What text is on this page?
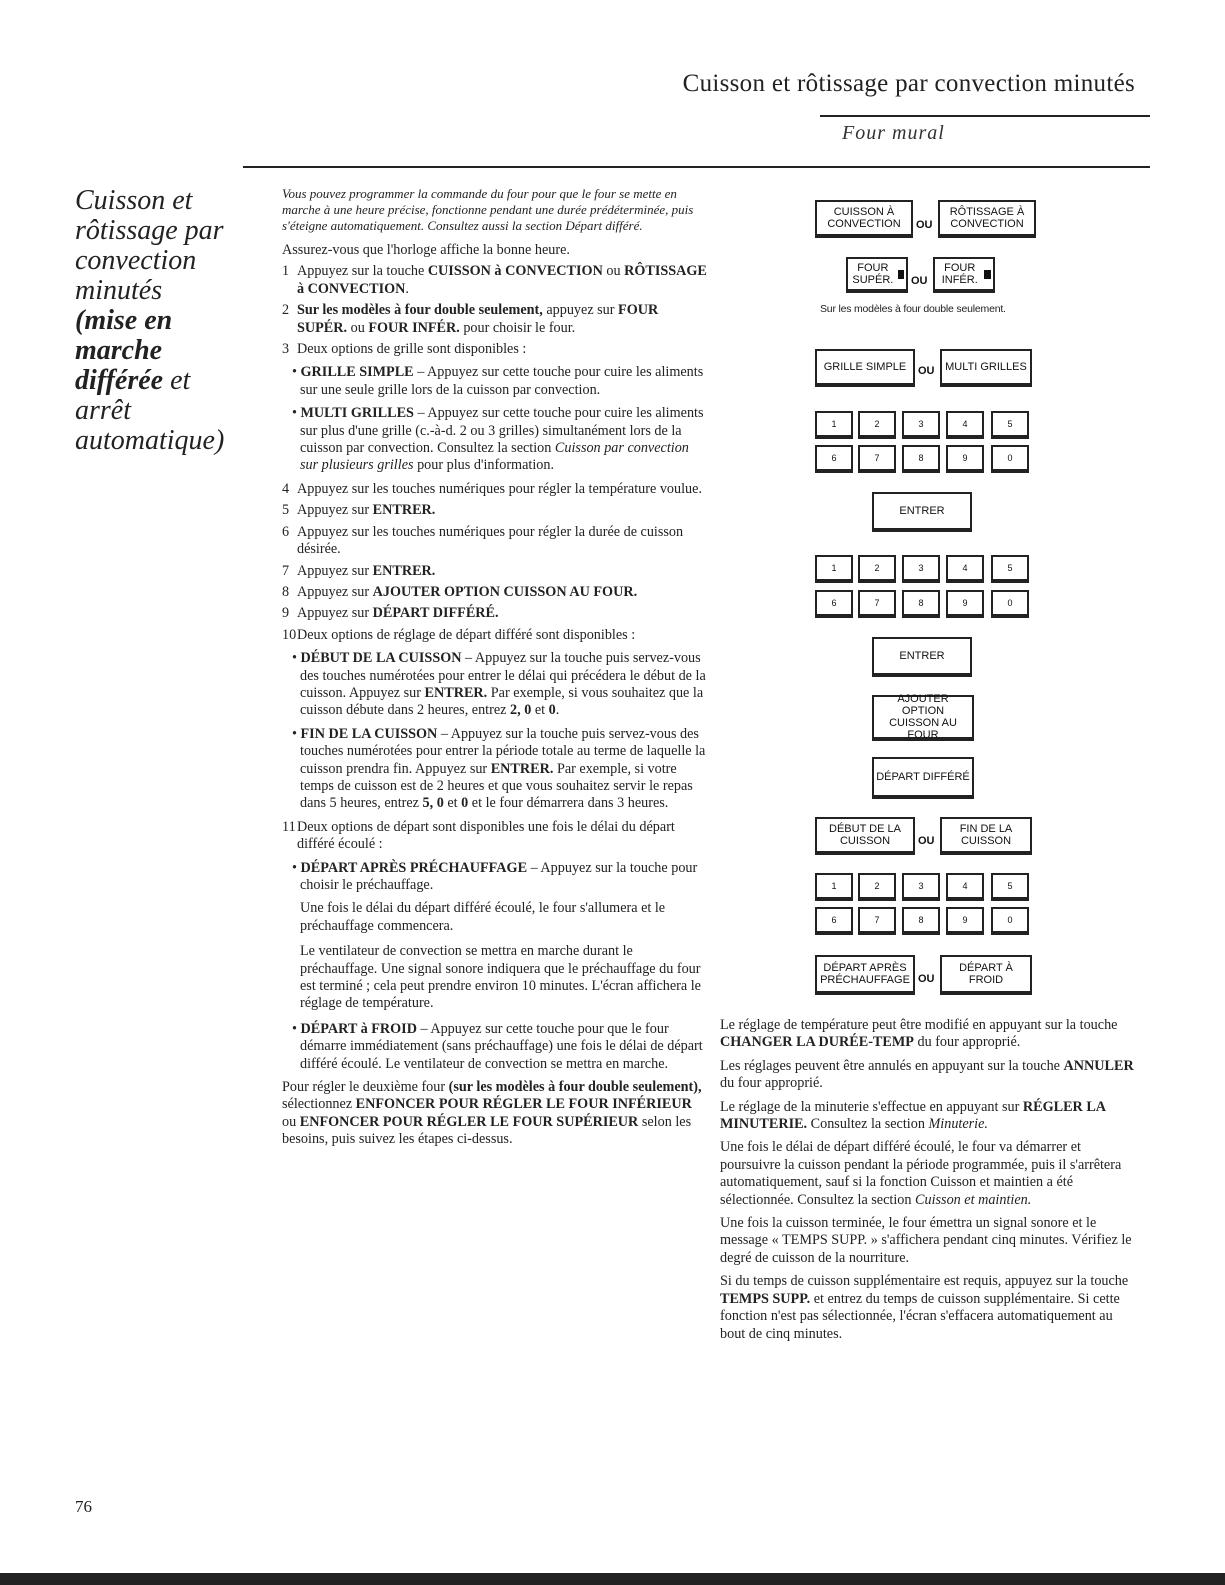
Cuisson et rôtissage par convection minutés
Four mural
Cuisson et
rôtissage par
convection
minutés
(mise en
marche
différée et
arrêt
automatique)

Vous pouvez programmer la commande du four pour que le four se mette en marche à une heure précise, fonctionne pendant une durée prédéterminée, puis s'éteigne automatiquement. Consultez aussi la section Départ différé.

Assurez-vous que l'horloge affiche la bonne heure.

1 Appuyez sur la touche CUISSON à CONVECTION ou RÔTISSAGE à CONVECTION.
2 Sur les modèles à four double seulement, appuyez sur FOUR SUPÉR. ou FOUR INFÉR. pour choisir le four.
3 Deux options de grille sont disponibles :
• GRILLE SIMPLE – Appuyez sur cette touche pour cuire les aliments sur une seule grille lors de la cuisson par convection.
• MULTI GRILLES – Appuyez sur cette touche pour cuire les aliments sur plus d'une grille (c.-à-d. 2 ou 3 grilles) simultanément lors de la cuisson par convection. Consultez la section Cuisson par convection sur plusieurs grilles pour plus d'information.
4 Appuyez sur les touches numériques pour régler la température voulue.
5 Appuyez sur ENTRER.
6 Appuyez sur les touches numériques pour régler la durée de cuisson désirée.
7 Appuyez sur ENTRER.
8 Appuyez sur AJOUTER OPTION CUISSON AU FOUR.
9 Appuyez sur DÉPART DIFFÉRÉ.
10 Deux options de réglage de départ différé sont disponibles :
• DÉBUT DE LA CUISSON – Appuyez sur la touche puis servez-vous des touches numérotées pour entrer le délai qui précédera le début de la cuisson. Appuyez sur ENTRER. Par exemple, si vous souhaitez que la cuisson débute dans 2 heures, entrez 2, 0 et 0.
• FIN DE LA CUISSON – Appuyez sur la touche puis servez-vous des touches numérotées pour entrer la période totale au terme de laquelle la cuisson prendra fin. Appuyez sur ENTRER. Par exemple, si votre temps de cuisson est de 2 heures et que vous souhaitez servir le repas dans 5 heures, entrez 5, 0 et 0 et le four démarrera dans 3 heures.
11 Deux options de départ sont disponibles une fois le délai du départ différé écoulé :
• DÉPART APRÈS PRÉCHAUFFAGE – Appuyez sur la touche pour choisir le préchauffage.
Une fois le délai du départ différé écoulé, le four s'allumera et le préchauffage commencera.
Le ventilateur de convection se mettra en marche durant le préchauffage. Une signal sonore indiquera que le préchauffage du four est terminé ; cela peut prendre environ 10 minutes. L'écran affichera le réglage de température.
• DÉPART à FROID – Appuyez sur cette touche pour que le four démarre immédiatement (sans préchauffage) une fois le délai de départ différé écoulé. Le ventilateur de convection se mettra en marche.

Pour régler le deuxième four (sur les modèles à four double seulement), sélectionnez ENFONCER POUR RÉGLER LE FOUR INFÉRIEUR ou ENFONCER POUR RÉGLER LE FOUR SUPÉRIEUR selon les besoins, puis suivez les étapes ci-dessus.

CUISSON À CONVECTION	OU
RÔTISSAGE À CONVECTION
FOUR SUPÉR. OU
FOUR INFÉR.
Sur les modèles à four double seulement.
GRILLE SIMPLE	OU MULTI GRILLES
1	2	3	4	5
6	7	8	9	0
ENTRER
1	2	3	4	5
6	7	8	9	0
ENTRER
AJOUTER OPTION CUISSON AU FOUR
DÉPART DIFFÉRÉ
DÉBUT DE LA CUISSON	OU
FIN DE LA CUISSON
1	2	3	4	5
6	7	8	9	0
DÉPART APRÈS PRÉCHAUFFAGE OU
DÉPART À FROID

Le réglage de température peut être modifié en appuyant sur la touche CHANGER LA DURÉE-TEMP du four approprié.

Les réglages peuvent être annulés en appuyant sur la touche ANNULER du four approprié.

Le réglage de la minuterie s'effectue en appuyant sur RÉGLER LA MINUTERIE. Consultez la section Minuterie.

Une fois le délai de départ différé écoulé, le four va démarrer et poursuivre la cuisson pendant la période programmée, puis il s'arrêtera automatiquement, sauf si la fonction Cuisson et maintien a été sélectionnée. Consultez la section Cuisson et maintien.

Une fois la cuisson terminée, le four émettra un signal sonore et le message « TEMPS SUPP. » s'affichera pendant cinq minutes. Vérifiez le degré de cuisson de la nourriture.

Si du temps de cuisson supplémentaire est requis, appuyez sur la touche TEMPS SUPP. et entrez du temps de cuisson supplémentaire. Si cette fonction n'est pas sélectionnée, l'écran s'effacera automatiquement au bout de cinq minutes.

76
